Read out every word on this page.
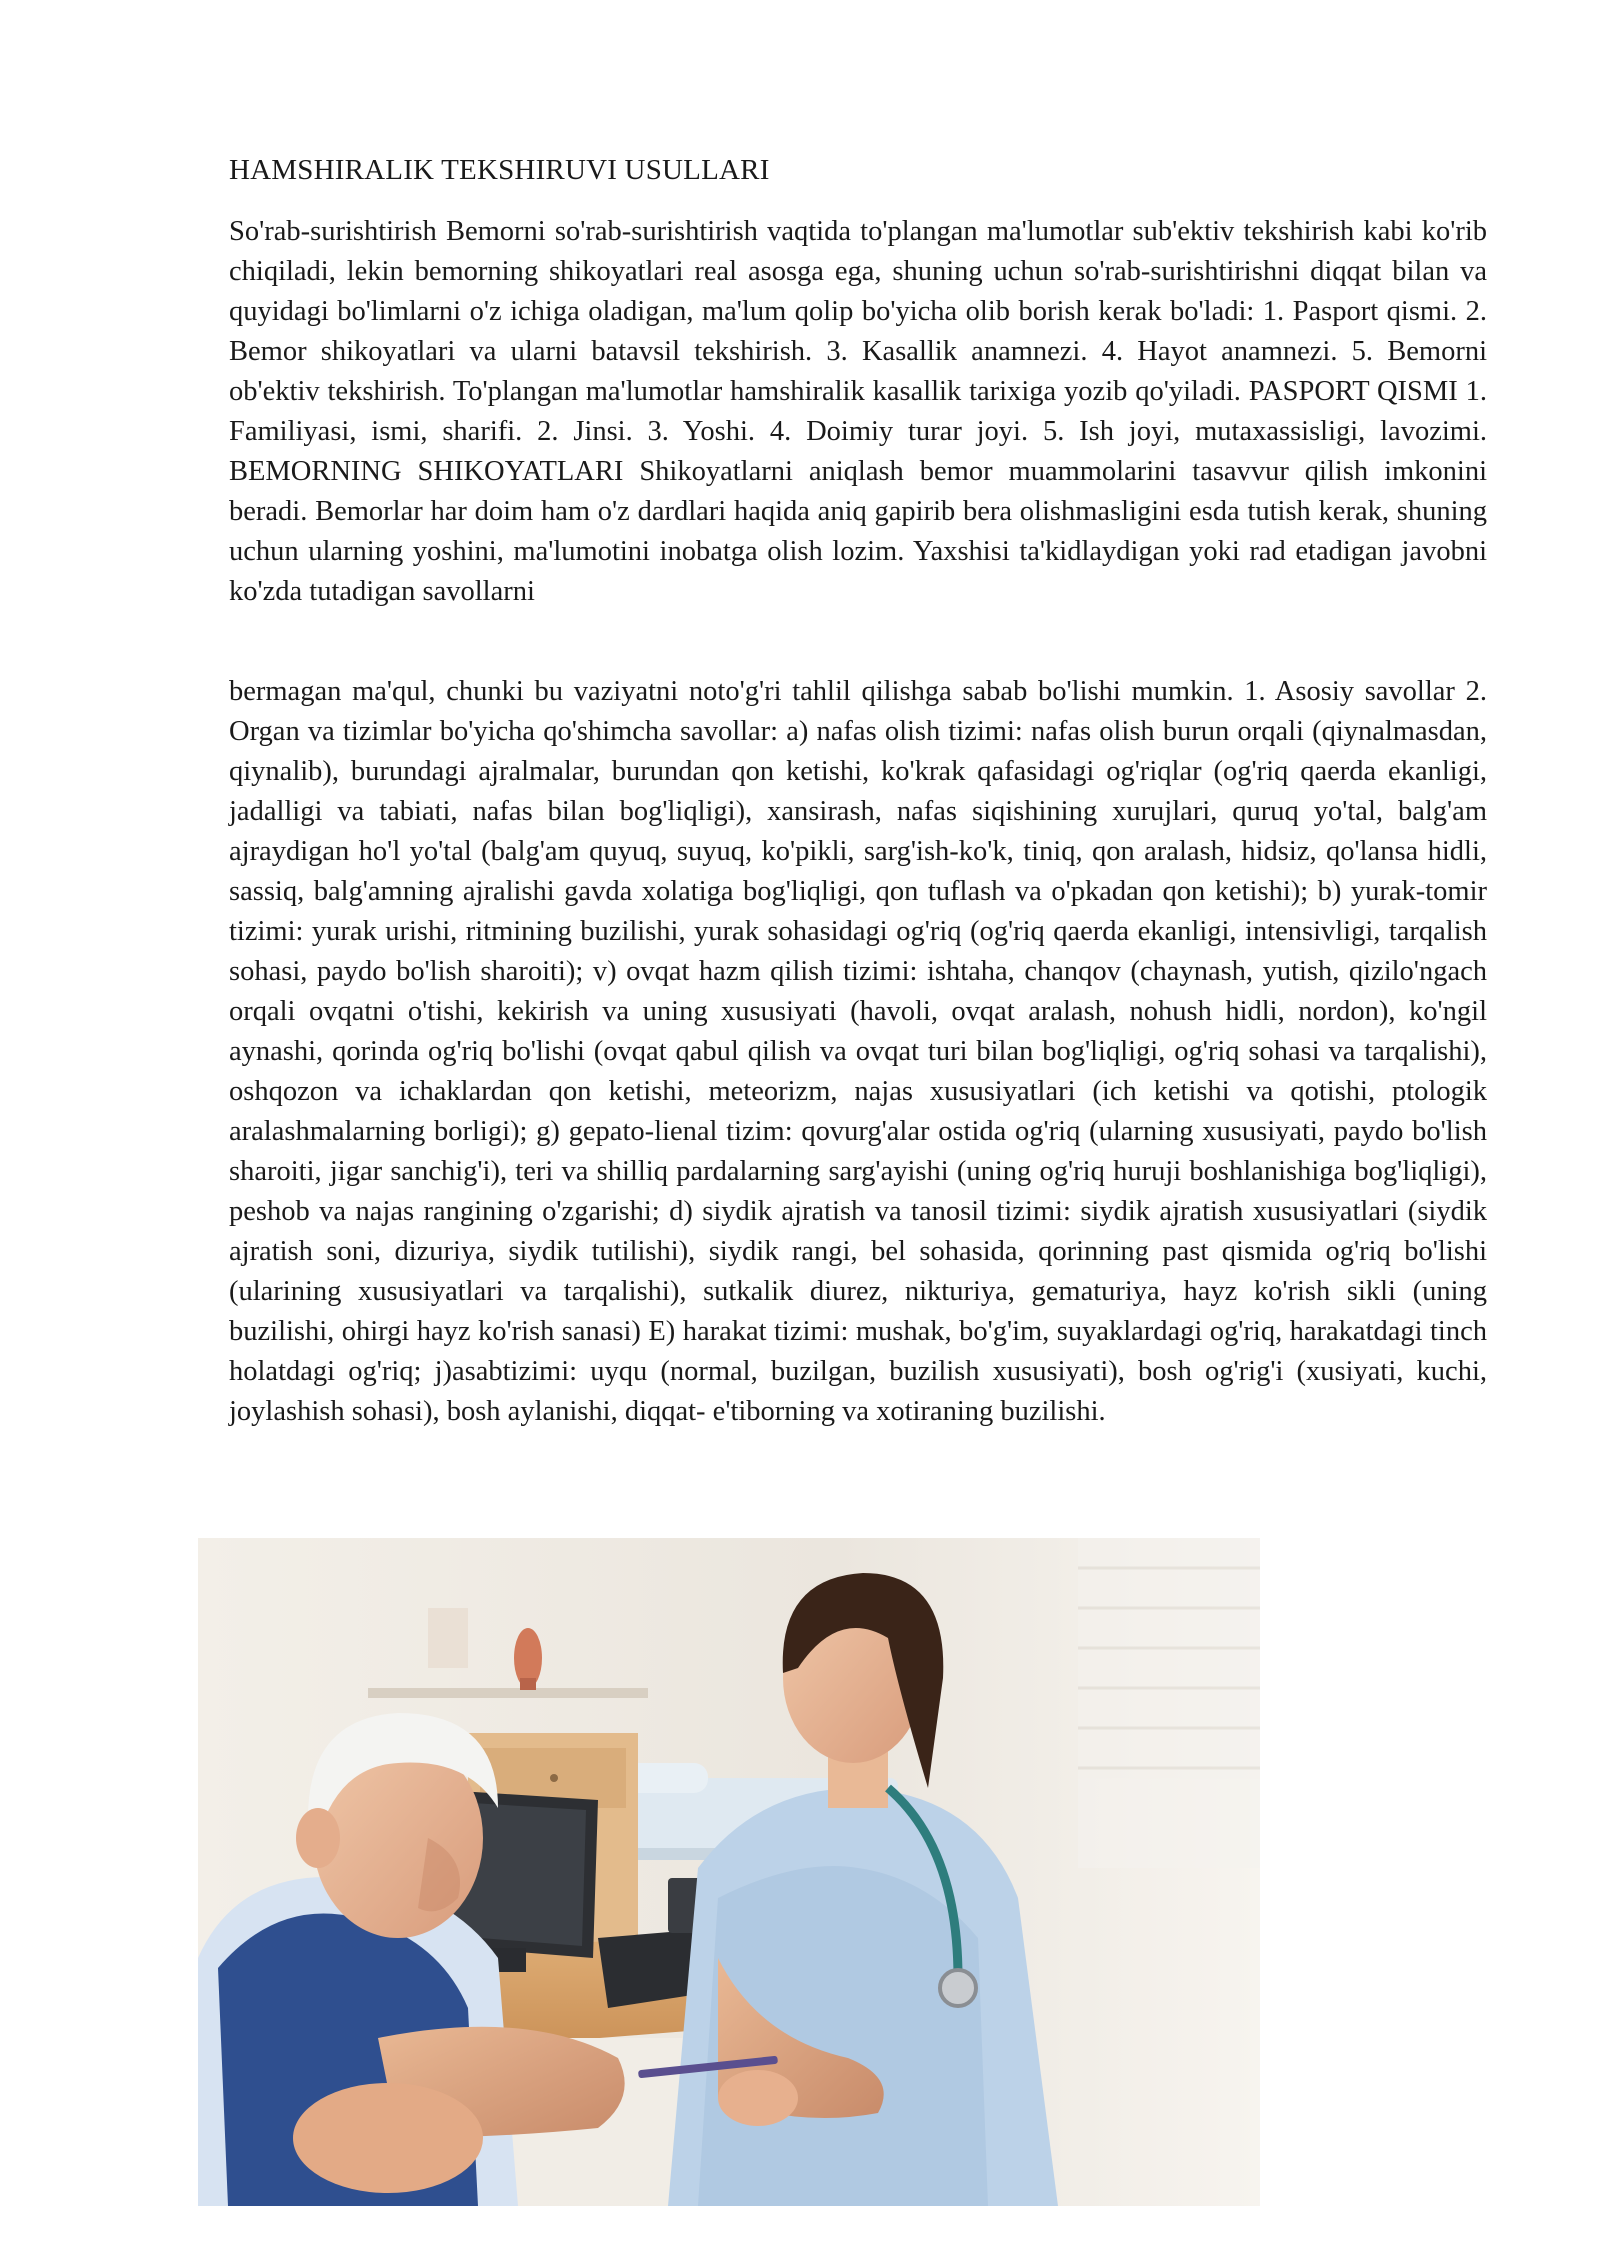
HAMSHIRALIK TEKSHIRUVI USULLARI

So'rab-surishtirish Bemorni so'rab-surishtirish vaqtida to'plangan ma'lumotlar sub'ektiv tekshirish kabi ko'rib chiqiladi, lekin bemorning shikoyatlari real asosga ega, shuning uchun so'rab-surishtirishni diqqat bilan va quyidagi bo'limlarni o'z ichiga oladigan, ma'lum qolip bo'yicha olib borish kerak bo'ladi: 1. Pasport qismi. 2. Bemor shikoyatlari va ularni batavsil tekshirish. 3. Kasallik anamnezi. 4. Hayot anamnezi. 5. Bemorni ob'ektiv tekshirish. To'plangan ma'lumotlar hamshiralik kasallik tarixiga yozib qo'yiladi. PASPORT QISMI 1. Familiyasi, ismi, sharifi. 2. Jinsi. 3. Yoshi. 4. Doimiy turar joyi. 5. Ish joyi, mutaxassisligi, lavozimi. BEMORNING SHIKOYATLARI Shikoyatlarni aniqlash bemor muammolarini tasavvur qilish imkonini beradi. Bemorlar har doim ham o'z dardlari haqida aniq gapirib bera olishmasligini esda tutish kerak, shuning uchun ularning yoshini, ma'lumotini inobatga olish lozim. Yaxshisi ta'kidlaydigan yoki rad etadigan javobni ko'zda tutadigan savollarni

bermagan ma'qul, chunki bu vaziyatni noto'g'ri tahlil qilishga sabab bo'lishi mumkin. 1. Asosiy savollar 2. Organ va tizimlar bo'yicha qo'shimcha savollar: a) nafas olish tizimi: nafas olish burun orqali (qiynalmasdan, qiynalib), burundagi ajralmalar, burundan qon ketishi, ko'krak qafasidagi og'riqlar (og'riq qaerda ekanligi, jadalligi va tabiati, nafas bilan bog'liqligi), xansirash, nafas siqishining xurujlari, quruq yo'tal, balg'am ajraydigan ho'l yo'tal (balg'am quyuq, suyuq, ko'pikli, sarg'ish-ko'k, tiniq, qon aralash, hidsiz, qo'lansa hidli, sassiq, balg'amning ajralishi gavda xolatiga bog'liqligi, qon tuflash va o'pkadan qon ketishi); b) yurak-tomir tizimi: yurak urishi, ritmining buzilishi, yurak sohasidagi og'riq (og'riq qaerda ekanligi, intensivligi, tarqalish sohasi, paydo bo'lish sharoiti); v) ovqat hazm qilish tizimi: ishtaha, chanqov (chaynash, yutish, qizilo'ngach orqali ovqatni o'tishi, kekirish va uning xususiyati (havoli, ovqat aralash, nohush hidli, nordon), ko'ngil aynashi, qorinda og'riq bo'lishi (ovqat qabul qilish va ovqat turi bilan bog'liqligi, og'riq sohasi va tarqalishi), oshqozon va ichaklardan qon ketishi, meteorizm, najas xususiyatlari (ich ketishi va qotishi, ptologik aralashmalarning borligi); g) gepato-lienal tizim: qovurg'alar ostida og'riq (ularning xususiyati, paydo bo'lish sharoiti, jigar sanchig'i), teri va shilliq pardalarning sarg'ayishi (uning og'riq huruji boshlanishiga bog'liqligi), peshob va najas rangining o'zgarishi; d) siydik ajratish va tanosil tizimi: siydik ajratish xususiyatlari (siydik ajratish soni, dizuriya, siydik tutilishi), siydik rangi, bel sohasida, qorinning past qismida og'riq bo'lishi (ularining xususiyatlari va tarqalishi), sutkalik diurez, nikturiya, gematuriya, hayz ko'rish sikli (uning buzilishi, ohirgi hayz ko'rish sanasi) E) harakat tizimi: mushak, bo'g'im, suyaklardagi og'riq, harakatdagi tinch holatdagi og'riq; j)asabtizimi: uyqu (normal, buzilgan, buzilish xususiyati), bosh og'rig'i (xusiyati, kuchi, joylashish sohasi), bosh aylanishi, diqqat- e'tiborning va xotiraning buzilishi.
